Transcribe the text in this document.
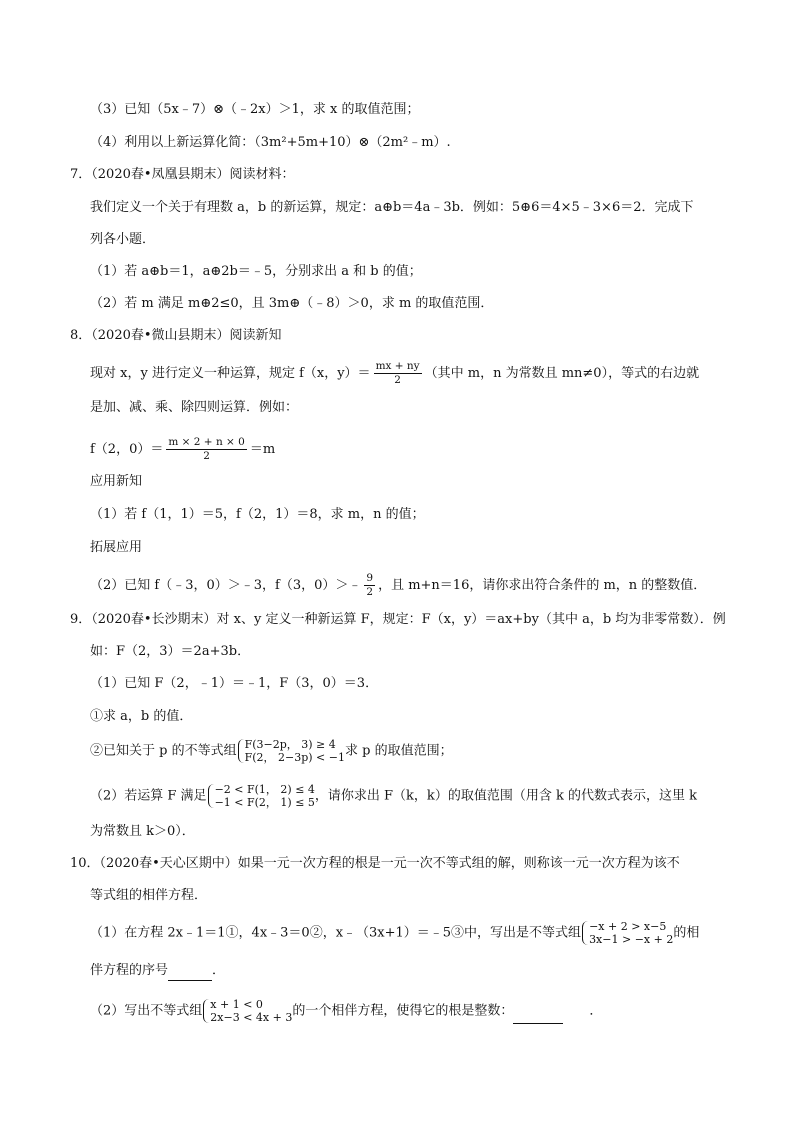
（3）已知（5x﹣7）⊗（﹣2x）＞1，求 x 的取值范围；
（4）利用以上新运算化简：（3m²+5m+10）⊗（2m²﹣m）.
7．（2020春•凤凰县期末）阅读材料：
我们定义一个关于有理数 a，b 的新运算，规定：a⊕b＝4a﹣3b．例如：5⊕6＝4×5﹣3×6＝2．完成下
列各小题．
（1）若 a⊕b＝1，a⊕2b＝﹣5，分别求出 a 和 b 的值；
（2）若 m 满足 m⊕2≤0，且 3m⊕（﹣8）＞0，求 m 的取值范围．
8．（2020春•微山县期末）阅读新知
现对 x，y 进行定义一种运算，规定 f（x，$y)= \frac{mx + ny}{2}$ （其中 m，n 为常数且 mn≠0），等式的右边就
是加、减、乘、除四则运算．例如：
f（2，$0)= \frac{m \times 2 + n \times 0}{2} =m$
应用新知
（1）若 f（1，1）＝5，f（2，1）＝8，求 m，n 的值；
拓展应用
（2）已知 f（﹣3，0）＞﹣3，f（3，0）＞﹣ $\frac{9}{2}$ ，且 m+n＝16，请你求出符合条件的 m，n 的整数值．
9．（2020春•长沙期末）对 x、y 定义一种新运算 F，规定：F（x，y）＝ax+by（其中 a，b 均为非零常数）．例
如：F（2，3）＝2a+3b．
（1）已知 F（2，﹣1）＝﹣1，F（3，0）＝3．
①求 a，b 的值．
②已知关于 p 的不等式组 F(3−2p， 3) ≥ 4
F(2， 2−3p) < −1 求 p 的取值范围；
（2）若运算 F 满足 −2 < F(1， 2) ≤ 4
−1 < F(2， 1) ≤ 5 ，请你求出 F（k，k）的取值范围（用含 k 的代数式表示，这里 k
为常数且 k＞0）．
10．（2020春•天心区期中）如果一元一次方程的根是一元一次不等式组的解，则称该一元一次方程为该不
等式组的相伴方程．
（1）在方程 2x﹣1＝1①，4x﹣3＝0②，x﹣（3x+1）＝﹣5③中，写出是不等式组 −x + 2 > x−5
3x−1 > −x + 2 的相
伴方程的序号	．
（2）写出不等式组 x + 1 < 0
2x−3 < 4x + 3 的一个相伴方程，使得它的根是整数：	．
